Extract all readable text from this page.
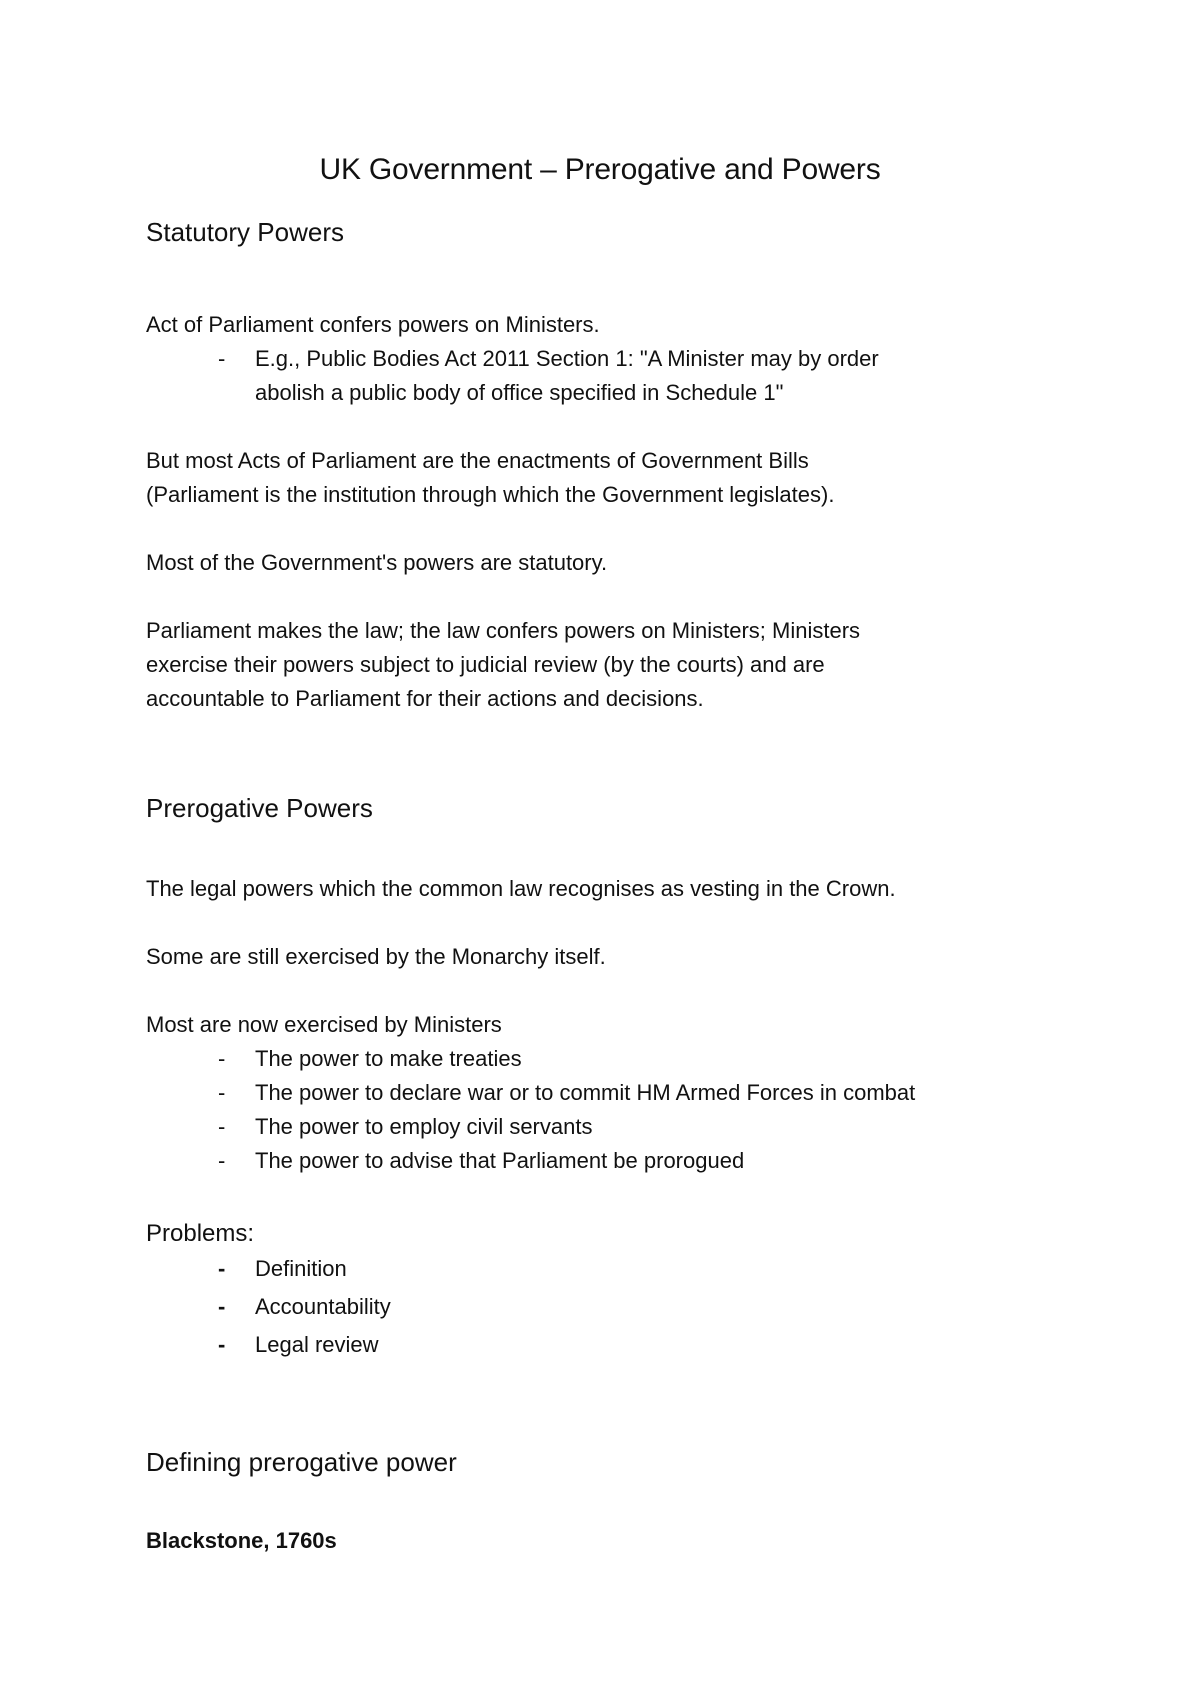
UK Government – Prerogative and Powers
Statutory Powers
Act of Parliament confers powers on Ministers.
- E.g., Public Bodies Act 2011 Section 1: "A Minister may by order
abolish a public body of office specified in Schedule 1"
But most Acts of Parliament are the enactments of Government Bills
(Parliament is the institution through which the Government legislates).
Most of the Government's powers are statutory.
Parliament makes the law; the law confers powers on Ministers; Ministers
exercise their powers subject to judicial review (by the courts) and are
accountable to Parliament for their actions and decisions.
Prerogative Powers
The legal powers which the common law recognises as vesting in the Crown.
Some are still exercised by the Monarchy itself.
Most are now exercised by Ministers
- The power to make treaties
- The power to declare war or to commit HM Armed Forces in combat
- The power to employ civil servants
- The power to advise that Parliament be prorogued
Problems:
- Definition
- Accountability
- Legal review
Defining prerogative power
Blackstone, 1760s
